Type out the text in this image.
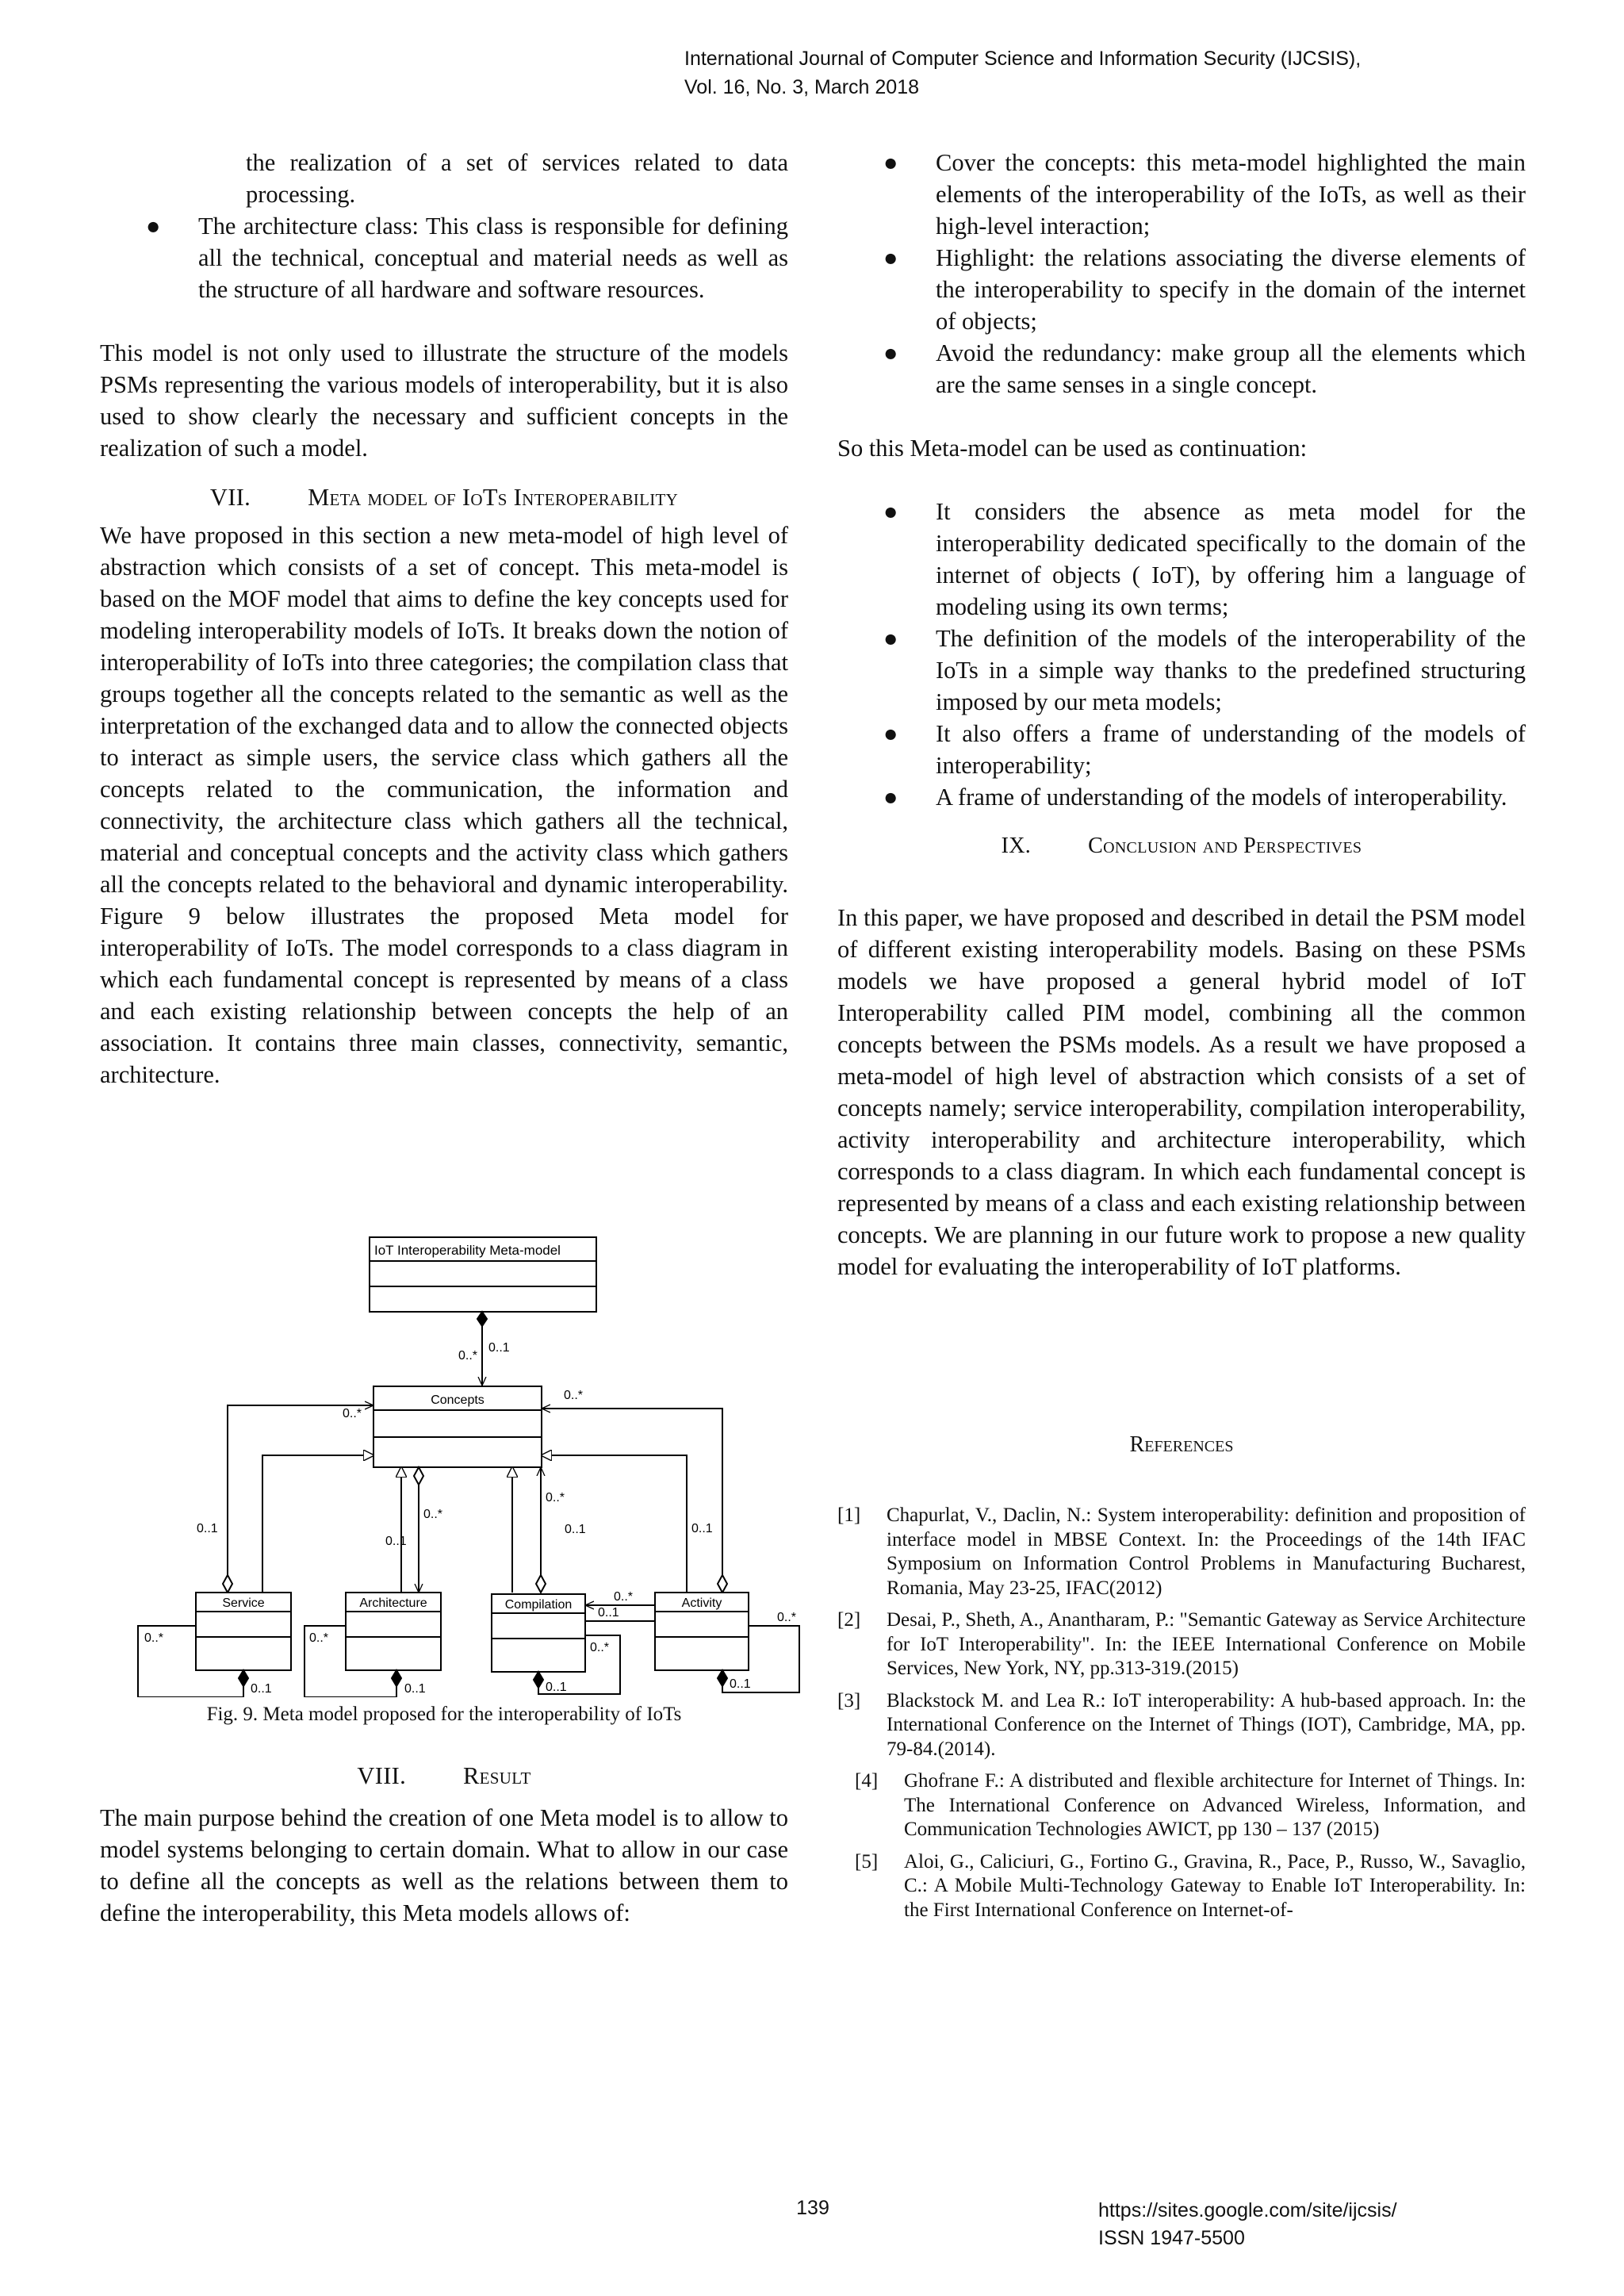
International Journal of Computer Science and Information Security (IJCSIS),
Vol. 16, No. 3, March 2018
the realization of a set of services related to data processing.
● The architecture class: This class is responsible for defining all the technical, conceptual and material needs as well as the structure of all hardware and software resources.

This model is not only used to illustrate the structure of the models PSMs representing the various models of interoperability, but it is also used to show clearly the necessary and sufficient concepts in the realization of such a model.

VII. Meta model of IoTs Interoperability

We have proposed in this section a new meta-model of high level of abstraction which consists of a set of concept. This meta-model is based on the MOF model that aims to define the key concepts used for modeling interoperability models of IoTs. It breaks down the notion of interoperability of IoTs into three categories; the compilation class that groups together all the concepts related to the semantic as well as the interpretation of the exchanged data and to allow the connected objects to interact as simple users, the service class which gathers all the concepts related to the communication, the information and connectivity, the architecture class which gathers all the technical, material and conceptual concepts and the activity class which gathers all the concepts related to the behavioral and dynamic interoperability. Figure 9 below illustrates the proposed Meta model for interoperability of IoTs. The model corresponds to a class diagram in which each fundamental concept is represented by means of a class and each existing relationship between concepts the help of an association. It contains three main classes, connectivity, semantic, architecture.

IoT Interoperability Meta-model
0..*
0..1
Concepts
0..*
0..*
0..*
0..1
0..*
0..1
0..1	0..1
Service	Architecture	Compilation	Activity
0..*
0..1
0..*
0..1
0..*
0..1
0..*
0..1
0..*
0..1
Fig. 9. Meta model proposed for the interoperability of IoTs
VIII. Result

The main purpose behind the creation of one Meta model is to allow to model systems belonging to certain domain. What to allow in our case to define all the concepts as well as the relations between them to define the interoperability, this Meta models allows of:

● Cover the concepts: this meta-model highlighted the main elements of the interoperability of the IoTs, as well as their high-level interaction;
● Highlight: the relations associating the diverse elements of the interoperability to specify in the domain of the internet of objects;
● Avoid the redundancy: make group all the elements which are the same senses in a single concept.

So this Meta-model can be used as continuation:

● It considers the absence as meta model for the interoperability dedicated specifically to the domain of the internet of objects ( IoT), by offering him a language of modeling using its own terms;
● The definition of the models of the interoperability of the IoTs in a simple way thanks to the predefined structuring imposed by our meta models;
● It also offers a frame of understanding of the models of interoperability;
● A frame of understanding of the models of interoperability.
IX.	Conclusion and Perspectives

In this paper, we have proposed and described in detail the PSM model of different existing interoperability models. Basing on these PSMs models we have proposed a general hybrid model of IoT Interoperability called PIM model, combining all the common concepts between the PSMs models. As a result we have proposed a meta-model of high level of abstraction which consists of a set of concepts namely; service interoperability, compilation interoperability, activity interoperability and architecture interoperability, which corresponds to a class diagram. In which each fundamental concept is represented by means of a class and each existing relationship between concepts. We are planning in our future work to propose a new quality model for evaluating the interoperability of IoT platforms.

References
[1] Chapurlat, V., Daclin, N.: System interoperability: definition and proposition of interface model in MBSE Context. In: the Proceedings of the 14th IFAC Symposium on Information Control Problems in Manufacturing Bucharest, Romania, May 23-25, IFAC(2012)
[2] Desai, P., Sheth, A., Anantharam, P.: "Semantic Gateway as Service Architecture for IoT Interoperability". In: the IEEE International Conference on Mobile Services, New York, NY, pp.313-319.(2015)
[3] Blackstock M. and Lea R.: IoT interoperability: A hub-based approach. In: the International Conference on the Internet of Things (IOT), Cambridge, MA, pp. 79-84.(2014).
[4] Ghofrane F.: A distributed and flexible architecture for Internet of Things. In: The International Conference on Advanced Wireless, Information, and Communication Technologies AWICT, pp 130 – 137 (2015)
[5] Aloi, G., Caliciuri, G., Fortino G., Gravina, R., Pace, P., Russo, W., Savaglio, C.: A Mobile Multi-Technology Gateway to Enable IoT Interoperability. In: the First International Conference on Internet-of-
139	https://sites.google.com/site/ijcsis/
ISSN 1947-5500
